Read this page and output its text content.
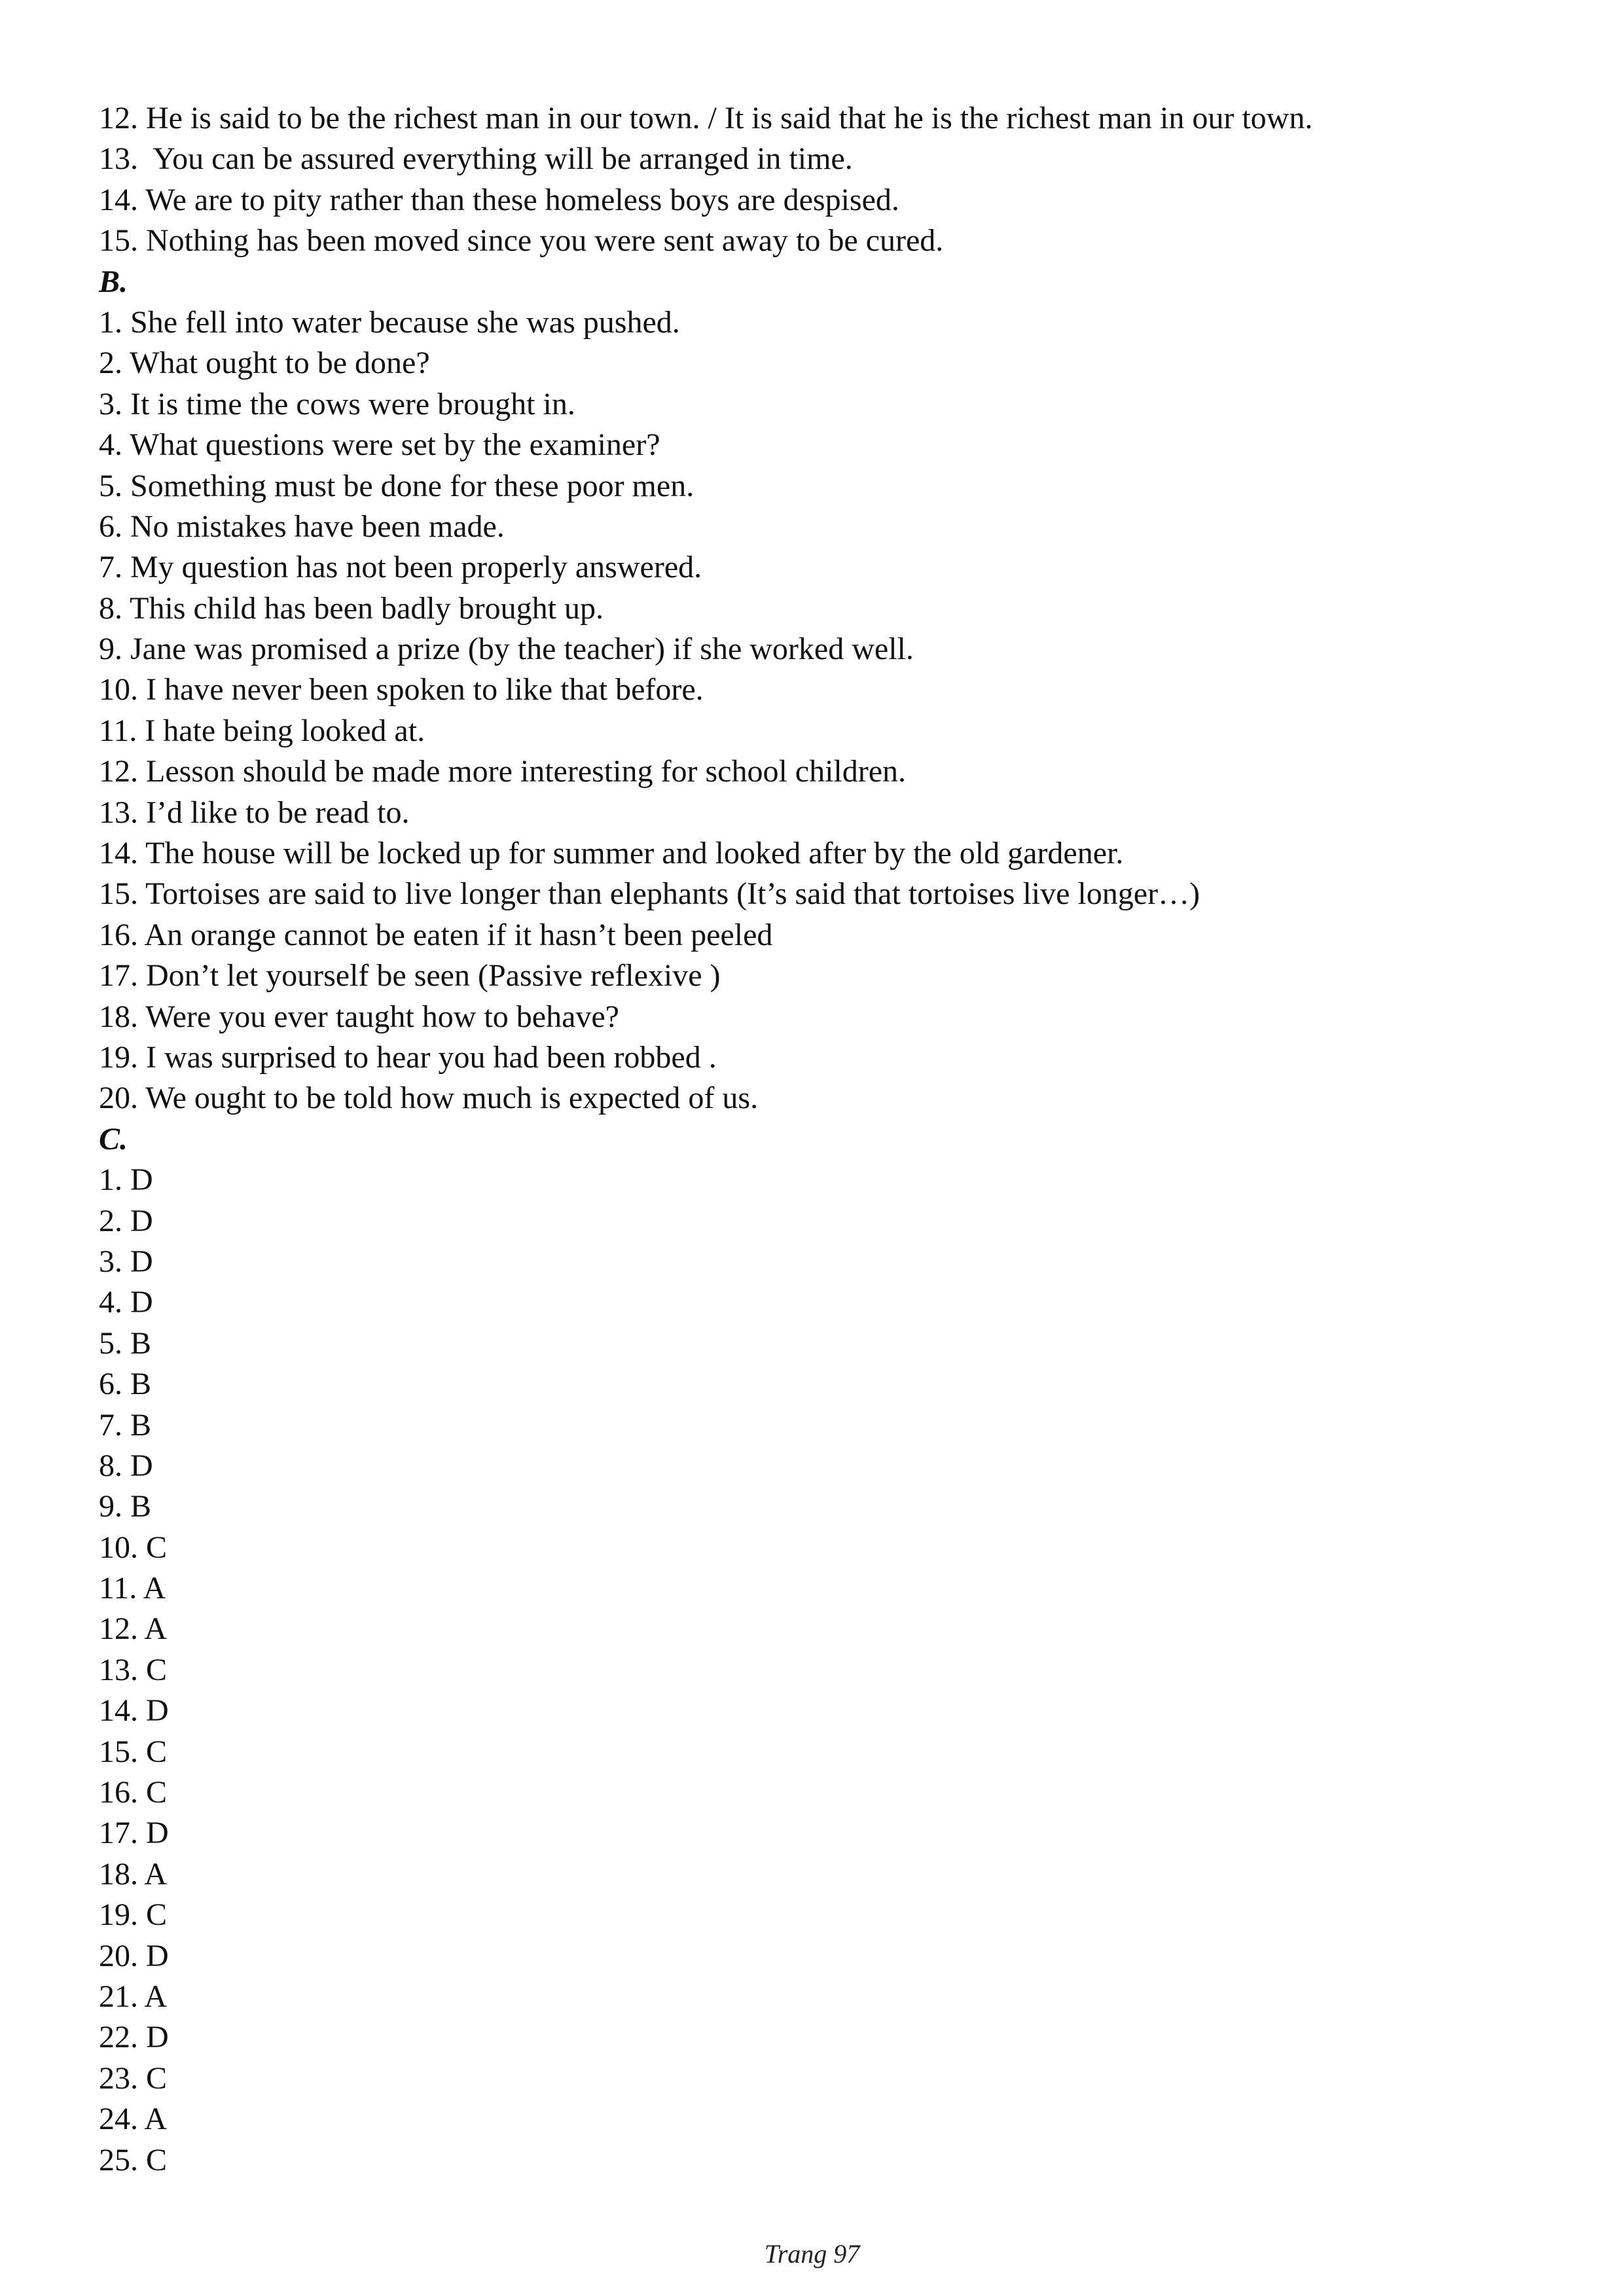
12. He is said to be the richest man in our town. / It is said that he is the richest man in our town.
13.  You can be assured everything will be arranged in time.
14. We are to pity rather than these homeless boys are despised.
15. Nothing has been moved since you were sent away to be cured.
B.
1. She fell into water because she was pushed.
2. What ought to be done?
3. It is time the cows were brought in.
4. What questions were set by the examiner?
5. Something must be done for these poor men.
6. No mistakes have been made.
7. My question has not been properly answered.
8. This child has been badly brought up.
9. Jane was promised a prize (by the teacher) if she worked well.
10. I have never been spoken to like that before.
11. I hate being looked at.
12. Lesson should be made more interesting for school children.
13. I’d like to be read to.
14. The house will be locked up for summer and looked after by the old gardener.
15. Tortoises are said to live longer than elephants (It’s said that tortoises live longer…)
16. An orange cannot be eaten if it hasn’t been peeled
17. Don’t let yourself be seen (Passive reflexive )
18. Were you ever taught how to behave?
19. I was surprised to hear you had been robbed .
20. We ought to be told how much is expected of us.
C.
1. D
2. D
3. D
4. D
5. B
6. B
7. B
8. D
9. B
10. C
11. A
12. A
13. C
14. D
15. C
16. C
17. D
18. A
19. C
20. D
21. A
22. D
23. C
24. A
25. C
Trang 97
